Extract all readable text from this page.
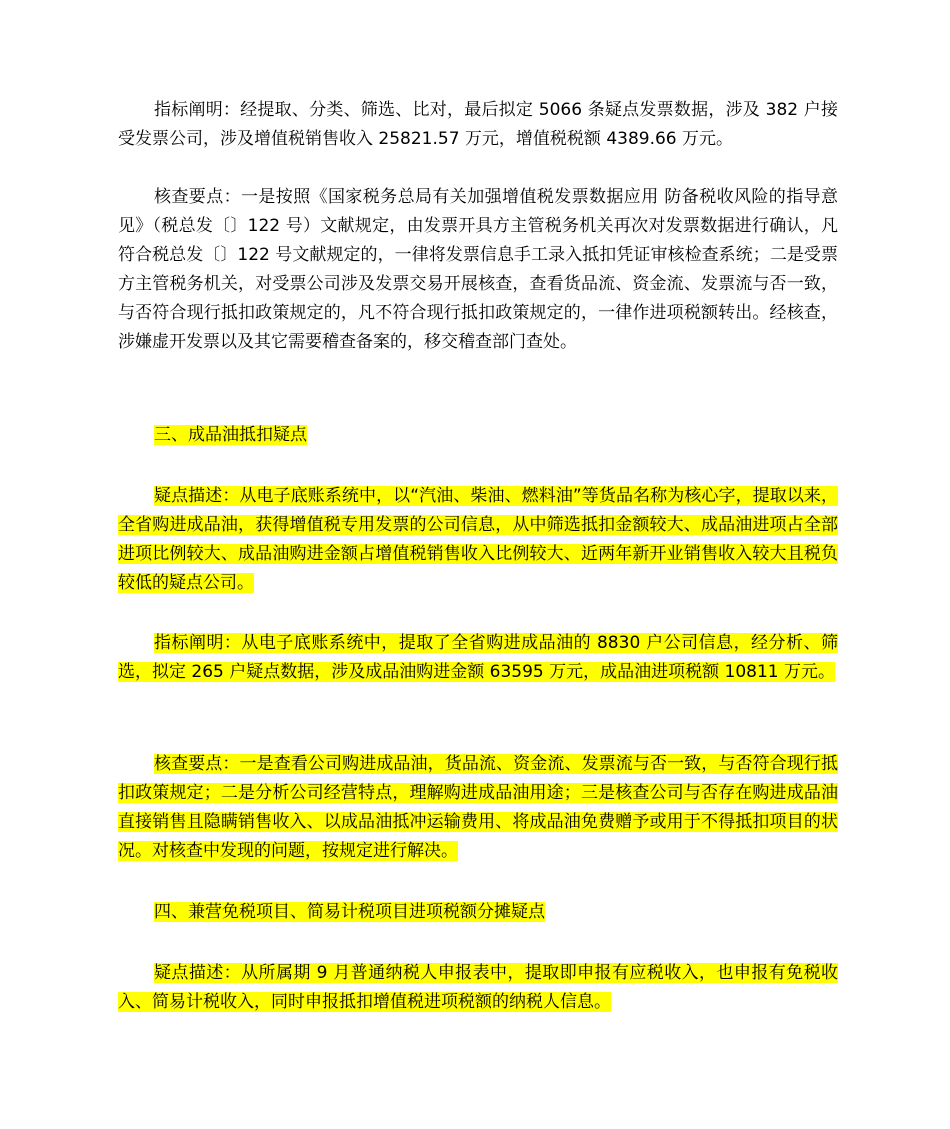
指标阐明：经提取、分类、筛选、比对，最后拟定 5066 条疑点发票数据，涉及 382 户接受发票公司，涉及增值税销售收入 25821.57 万元，增值税税额 4389.66 万元。

核查要点：一是按照《国家税务总局有关加强增值税发票数据应用 防备税收风险的指导意见》（税总发〔〕122 号）文献规定，由发票开具方主管税务机关再次对发票数据进行确认，凡符合税总发〔〕122 号文献规定的，一律将发票信息手工录入抵扣凭证审核检查系统；二是受票方主管税务机关，对受票公司涉及发票交易开展核查，查看货品流、资金流、发票流与否一致，与否符合现行抵扣政策规定的，凡不符合现行抵扣政策规定的，一律作进项税额转出。经核查，涉嫌虚开发票以及其它需要稽查备案的，移交稽查部门查处。

三、成品油抵扣疑点

疑点描述：从电子底账系统中，以“汽油、柴油、燃料油”等货品名称为核心字，提取以来，全省购进成品油，获得增值税专用发票的公司信息，从中筛选抵扣金额较大、成品油进项占全部进项比例较大、成品油购进金额占增值税销售收入比例较大、近两年新开业销售收入较大且税负较低的疑点公司。

指标阐明：从电子底账系统中，提取了全省购进成品油的 8830 户公司信息，经分析、筛选，拟定 265 户疑点数据，涉及成品油购进金额 63595 万元，成品油进项税额 10811 万元。

核查要点：一是查看公司购进成品油，货品流、资金流、发票流与否一致，与否符合现行抵扣政策规定；二是分析公司经营特点，理解购进成品油用途；三是核查公司与否存在购进成品油直接销售且隐瞒销售收入、以成品油抵冲运输费用、将成品油免费赠予或用于不得抵扣项目的状况。对核查中发现的问题，按规定进行解决。

四、兼营免税项目、简易计税项目进项税额分摊疑点

疑点描述：从所属期 9 月普通纳税人申报表中，提取即申报有应税收入，也申报有免税收入、简易计税收入，同时申报抵扣增值税进项税额的纳税人信息。
